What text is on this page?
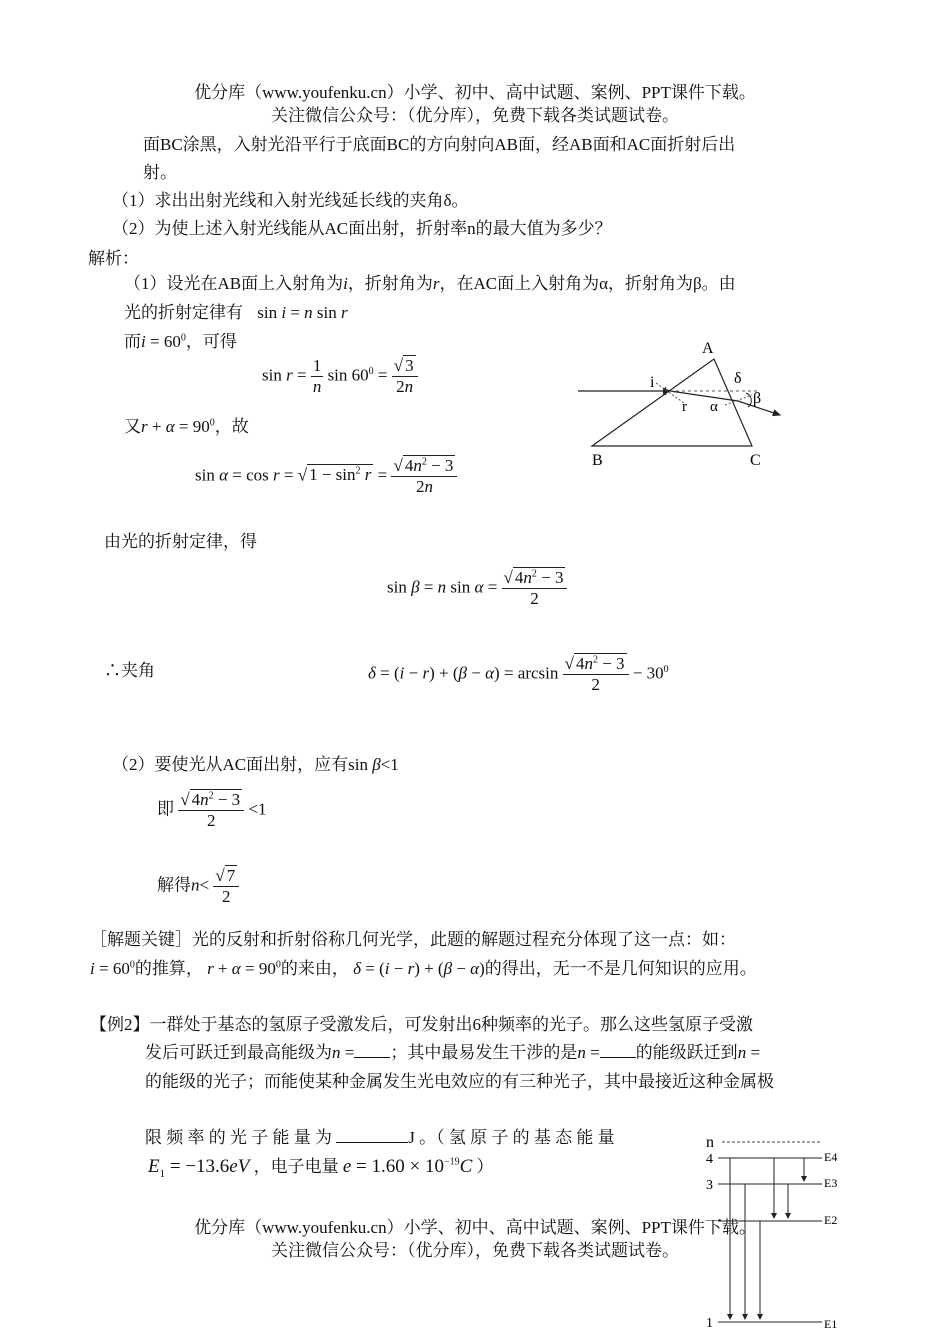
优分库（www.youfenku.cn）小学、初中、高中试题、案例、PPT课件下载。
关注微信公众号：（优分库），免费下载各类试题试卷。
面BC涂黑，入射光沿平行于底面BC的方向射向AB面，经AB面和AC面折射后出
射。
（1）求出出射光线和入射光线延长线的夹角δ。
（2）为使上述入射光线能从AC面出射，折射率n的最大值为多少？
解析：
（1）设光在AB面上入射角为i，折射角为r，在AC面上入射角为α，折射角为β。由
光的折射定律有 sin i = n sin r
而$i = 60^0$，可得
$\sin r = \frac{1}{n}$ $\sin 60^0 = \frac{√ 3}{2n}$
又$r + \alpha = 90^0$，故
sin α = cos r = √ $1 - \sin^2 r = \frac{√ 4n^2 - 3}{2n}$
由光的折射定律，得
sin β = n $\sin \alpha = \frac{√ 4n^2 - 3}{2}$
∴夹角	$\delta = (i - r) + (\beta - \alpha) = \arcsin \frac{√ 4n^2 - 3}{2} - 30^0$
（2）要使光从AC面出射，应有sin β<1
即 $\frac{√ 4n^2 - 3}{2} <1$
解得$n< \frac{√ 7}{2}$
［解题关键］光的反射和折射俗称几何光学，此题的解题过程充分体现了这一点：如：
$i = 60^0$的推算， $r + \alpha = 90^0$的来由， δ = (i − r) + (β − α)的得出，无一不是几何知识的应用。
【例2】一群处于基态的氢原子受激发后，可发射出6种频率的光子。那么这些氢原子受激
发后可跃迁到最高能级为n = ；其中最易发生干涉的是n = 的能级跃迁到n =
的能级的光子；而能使某种金属发生光电效应的有三种光子，其中最接近这种金属极
限 频 率 的 光 子 能 量 为	J 。（ 氢 原 子 的 基 态 能 量
$E_1 = -13.6eV$ ，电子电量 $e = 1.60 \times 10^{-19}C$ ）
优分库（www.youfenku.cn）小学、初中、高中试题、案例、PPT课件下载。
关注微信公众号：（优分库），免费下载各类试题试卷。
A
B	C
i
r α β
δ
n
4
3
1
E4
E3
E2
E1
